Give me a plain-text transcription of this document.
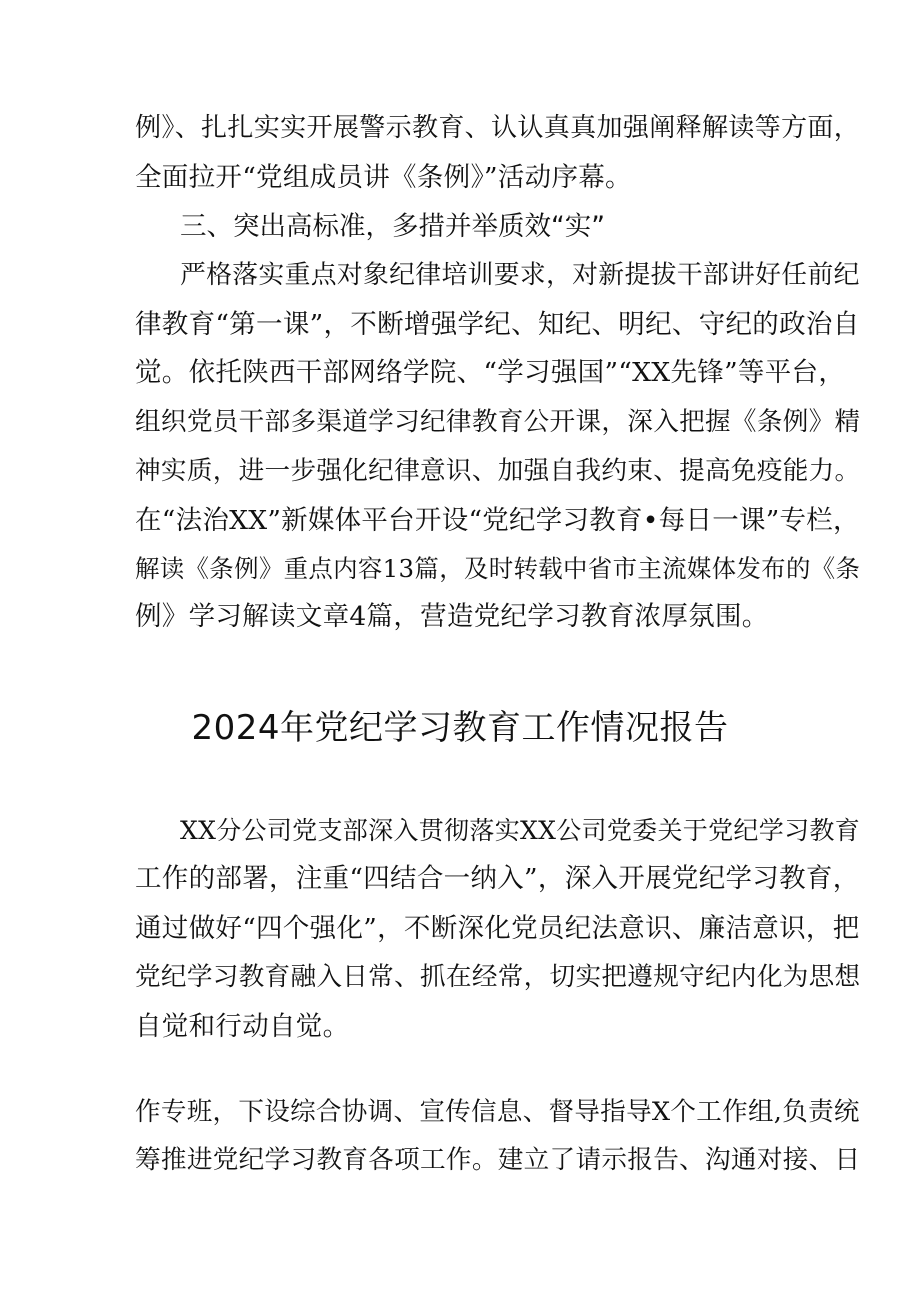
例》、扎扎实实开展警示教育、认认真真加强阐释解读等方面，
全面拉开“党组成员讲《条例》”活动序幕。
三、突出高标准，多措并举质效“实”
严格落实重点对象纪律培训要求，对新提拔干部讲好任前纪
律教育“第一课”，不断增强学纪、知纪、明纪、守纪的政治自
觉。依托陕西干部网络学院、“学习强国”“XX先锋”等平台，
组织党员干部多渠道学习纪律教育公开课，深入把握《条例》精
神实质，进一步强化纪律意识、加强自我约束、提高免疫能力。
在“法治XX”新媒体平台开设“党纪学习教育•每日一课”专栏，
解读《条例》重点内容13篇，及时转载中省市主流媒体发布的《条
例》学习解读文章4篇，营造党纪学习教育浓厚氛围。
2024年党纪学习教育工作情况报告
XX分公司党支部深入贯彻落实XX公司党委关于党纪学习教育
工作的部署，注重“四结合一纳入”，深入开展党纪学习教育，
通过做好“四个强化”，不断深化党员纪法意识、廉洁意识，把
党纪学习教育融入日常、抓在经常，切实把遵规守纪内化为思想
自觉和行动自觉。
作专班，下设综合协调、宣传信息、督导指导X个工作组,负责统
筹推进党纪学习教育各项工作。建立了请示报告、沟通对接、日
